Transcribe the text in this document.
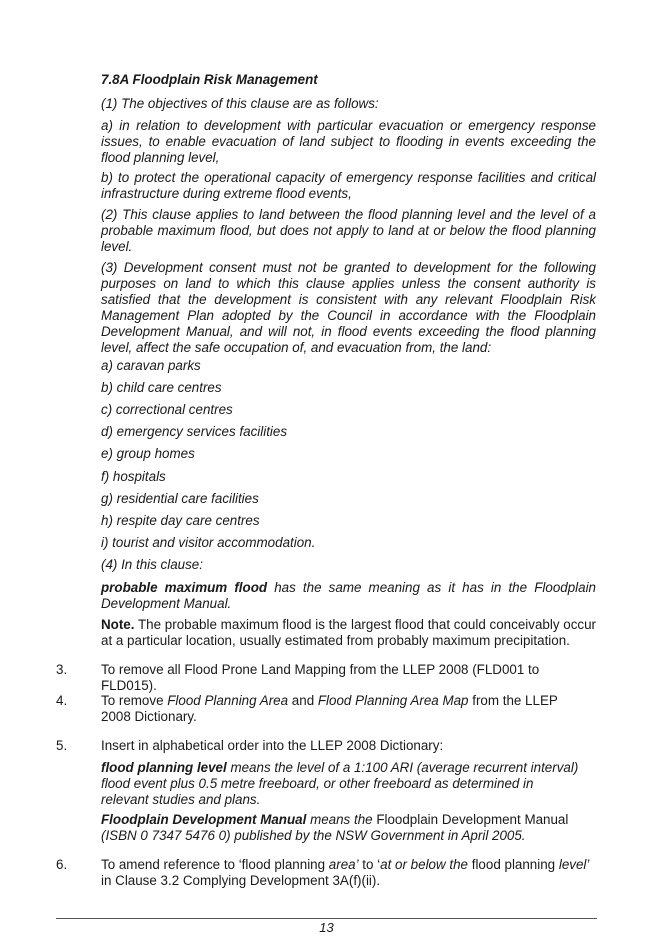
7.8A Floodplain Risk Management

(1) The objectives of this clause are as follows:

a) in relation to development with particular evacuation or emergency response issues, to enable evacuation of land subject to flooding in events exceeding the flood planning level,

b) to protect the operational capacity of emergency response facilities and critical infrastructure during extreme flood events,

(2) This clause applies to land between the flood planning level and the level of a probable maximum flood, but does not apply to land at or below the flood planning level.

(3) Development consent must not be granted to development for the following purposes on land to which this clause applies unless the consent authority is satisfied that the development is consistent with any relevant Floodplain Risk Management Plan adopted by the Council in accordance with the Floodplain Development Manual, and will not, in flood events exceeding the flood planning level, affect the safe occupation of, and evacuation from, the land:

a) caravan parks

b) child care centres

c) correctional centres

d) emergency services facilities

e) group homes

f) hospitals

g) residential care facilities

h) respite day care centres

i) tourist and visitor accommodation.

(4) In this clause:

probable maximum flood has the same meaning as it has in the Floodplain Development Manual.

Note. The probable maximum flood is the largest flood that could conceivably occur at a particular location, usually estimated from probably maximum precipitation.

3.	To remove all Flood Prone Land Mapping from the LLEP 2008 (FLD001 to FLD015).

4.	To remove Flood Planning Area and Flood Planning Area Map from the LLEP 2008 Dictionary.

5.	Insert in alphabetical order into the LLEP 2008 Dictionary:

flood planning level means the level of a 1:100 ARI (average recurrent interval) flood event plus 0.5 metre freeboard, or other freeboard as determined in relevant studies and plans.

Floodplain Development Manual means the Floodplain Development Manual (ISBN 0 7347 5476 0) published by the NSW Government in April 2005.

6.	To amend reference to ‘flood planning area’ to ‘at or below the flood planning level’ in Clause 3.2 Complying Development 3A(f)(ii).

13
